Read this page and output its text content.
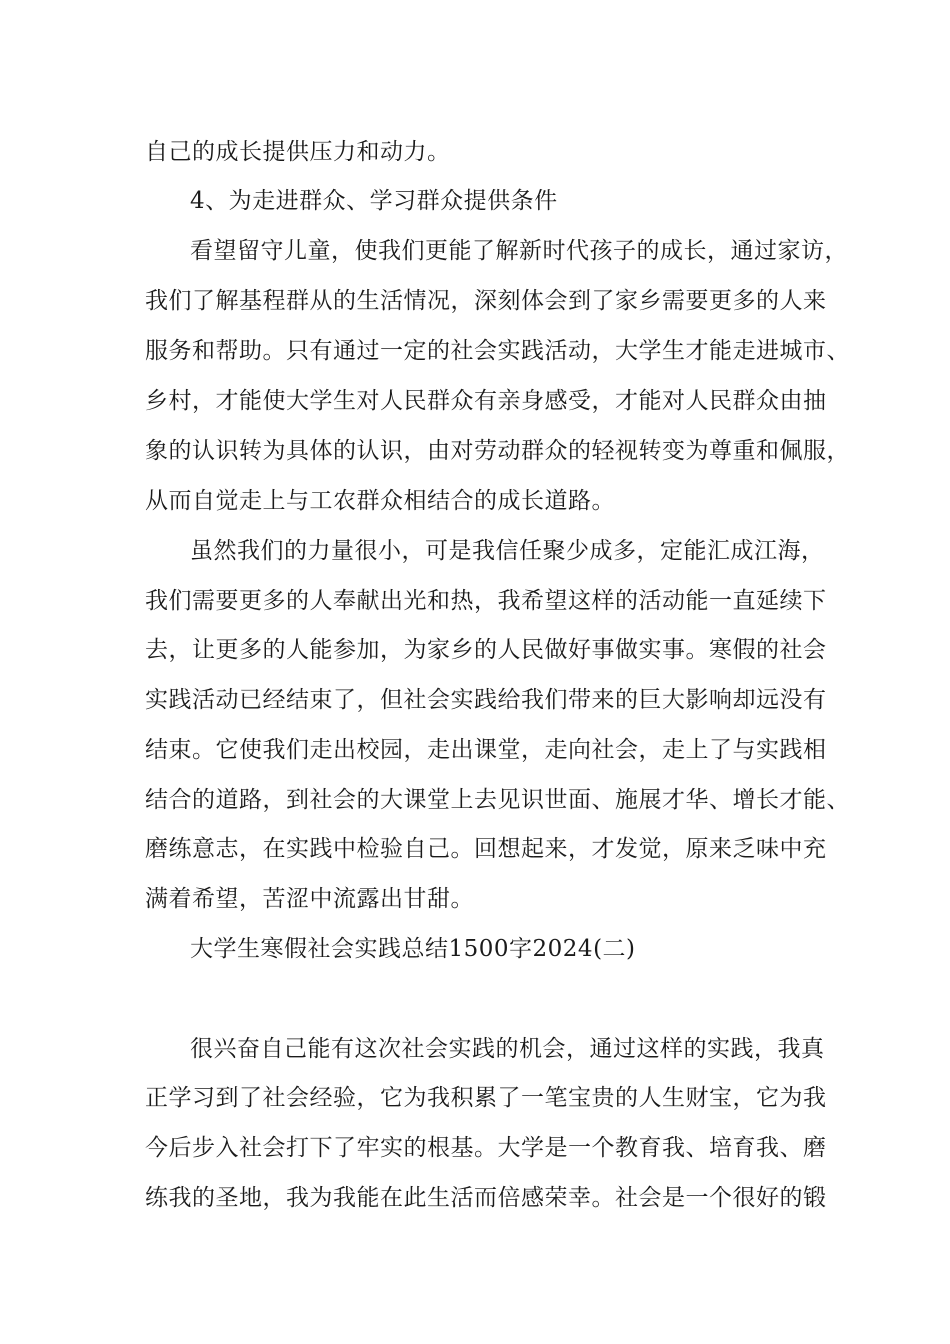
自己的成长提供压力和动力。
4、为走进群众、学习群众提供条件
看望留守儿童，使我们更能了解新时代孩子的成长，通过家访，
我们了解基程群从的生活情况，深刻体会到了家乡需要更多的人来
服务和帮助。只有通过一定的社会实践活动，大学生才能走进城市、
乡村，才能使大学生对人民群众有亲身感受，才能对人民群众由抽
象的认识转为具体的认识，由对劳动群众的轻视转变为尊重和佩服，
从而自觉走上与工农群众相结合的成长道路。
虽然我们的力量很小，可是我信任聚少成多，定能汇成江海，
我们需要更多的人奉献出光和热，我希望这样的活动能一直延续下
去，让更多的人能参加，为家乡的人民做好事做实事。寒假的社会
实践活动已经结束了，但社会实践给我们带来的巨大影响却远没有
结束。它使我们走出校园，走出课堂，走向社会，走上了与实践相
结合的道路，到社会的大课堂上去见识世面、施展才华、增长才能、
磨练意志，在实践中检验自己。回想起来，才发觉，原来乏味中充
满着希望，苦涩中流露出甘甜。
大学生寒假社会实践总结1500字2024(二)
很兴奋自己能有这次社会实践的机会，通过这样的实践，我真
正学习到了社会经验，它为我积累了一笔宝贵的人生财宝，它为我
今后步入社会打下了牢实的根基。大学是一个教育我、培育我、磨
练我的圣地，我为我能在此生活而倍感荣幸。社会是一个很好的锻
